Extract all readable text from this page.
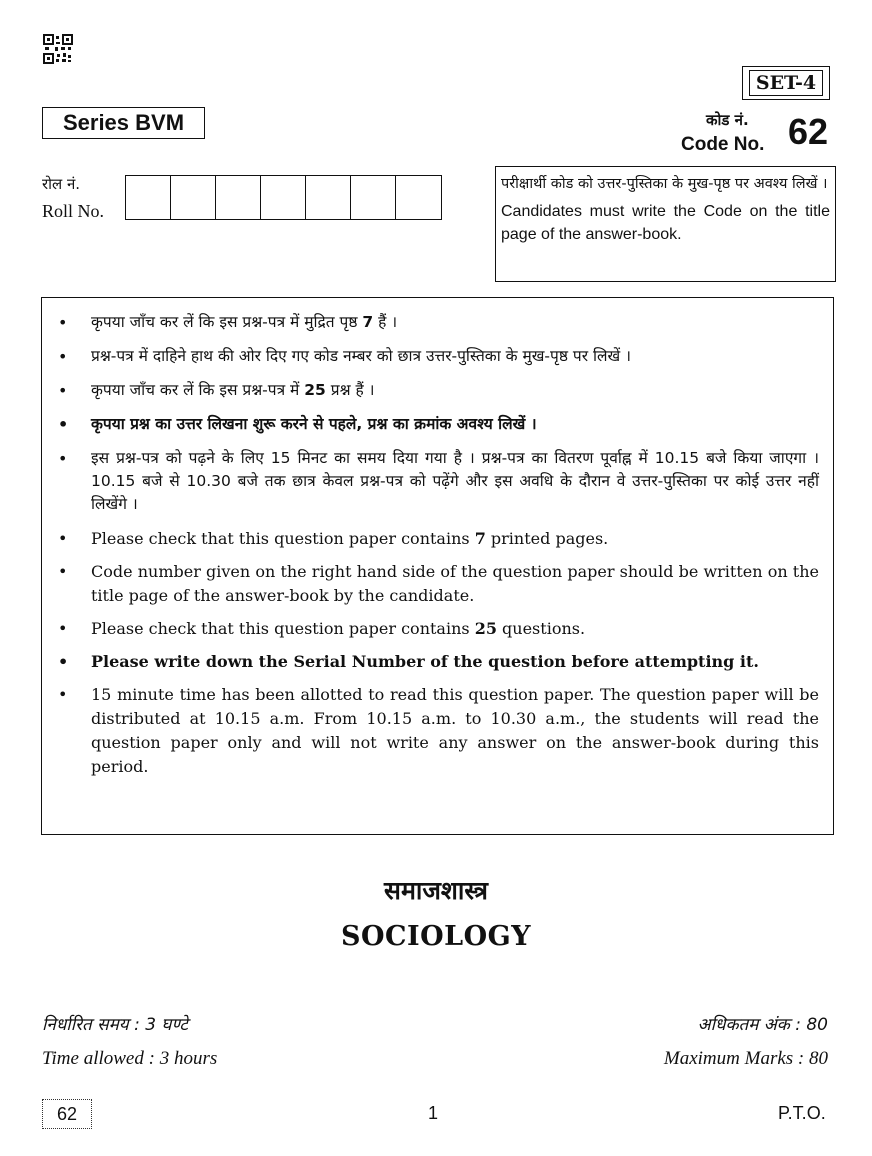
SET-4
Series BVM	कोड नं.
Code No. 62
रोल नं.
Roll No.
परीक्षार्थी कोड को उत्तर-पुस्तिका के मुख-पृष्ठ पर अवश्य लिखें ।
Candidates must write the Code on the title page of the answer-book.
• कृपया जाँच कर लें कि इस प्रश्न-पत्र में मुद्रित पृष्ठ 7 हैं ।
• प्रश्न-पत्र में दाहिने हाथ की ओर दिए गए कोड नम्बर को छात्र उत्तर-पुस्तिका के मुख-पृष्ठ पर लिखें ।
• कृपया जाँच कर लें कि इस प्रश्न-पत्र में 25 प्रश्न हैं ।
• कृपया प्रश्न का उत्तर लिखना शुरू करने से पहले, प्रश्न का क्रमांक अवश्य लिखें ।
• इस प्रश्न-पत्र को पढ़ने के लिए 15 मिनट का समय दिया गया है । प्रश्न-पत्र का वितरण पूर्वाह्न में 10.15 बजे किया जाएगा । 10.15 बजे से 10.30 बजे तक छात्र केवल प्रश्न-पत्र को पढ़ेंगे और इस अवधि के दौरान वे उत्तर-पुस्तिका पर कोई उत्तर नहीं लिखेंगे ।
• Please check that this question paper contains 7 printed pages.
• Code number given on the right hand side of the question paper should be written on the title page of the answer-book by the candidate.
• Please check that this question paper contains 25 questions.
• Please write down the Serial Number of the question before attempting it.
• 15 minute time has been allotted to read this question paper. The question paper will be distributed at 10.15 a.m. From 10.15 a.m. to 10.30 a.m., the students will read the question paper only and will not write any answer on the answer-book during this period.
समाजशास्त्र
SOCIOLOGY
निर्धारित समय : 3 घण्टे
Time allowed : 3 hours
अधिकतम अंक : 80
Maximum Marks : 80
62	1	P.T.O.
